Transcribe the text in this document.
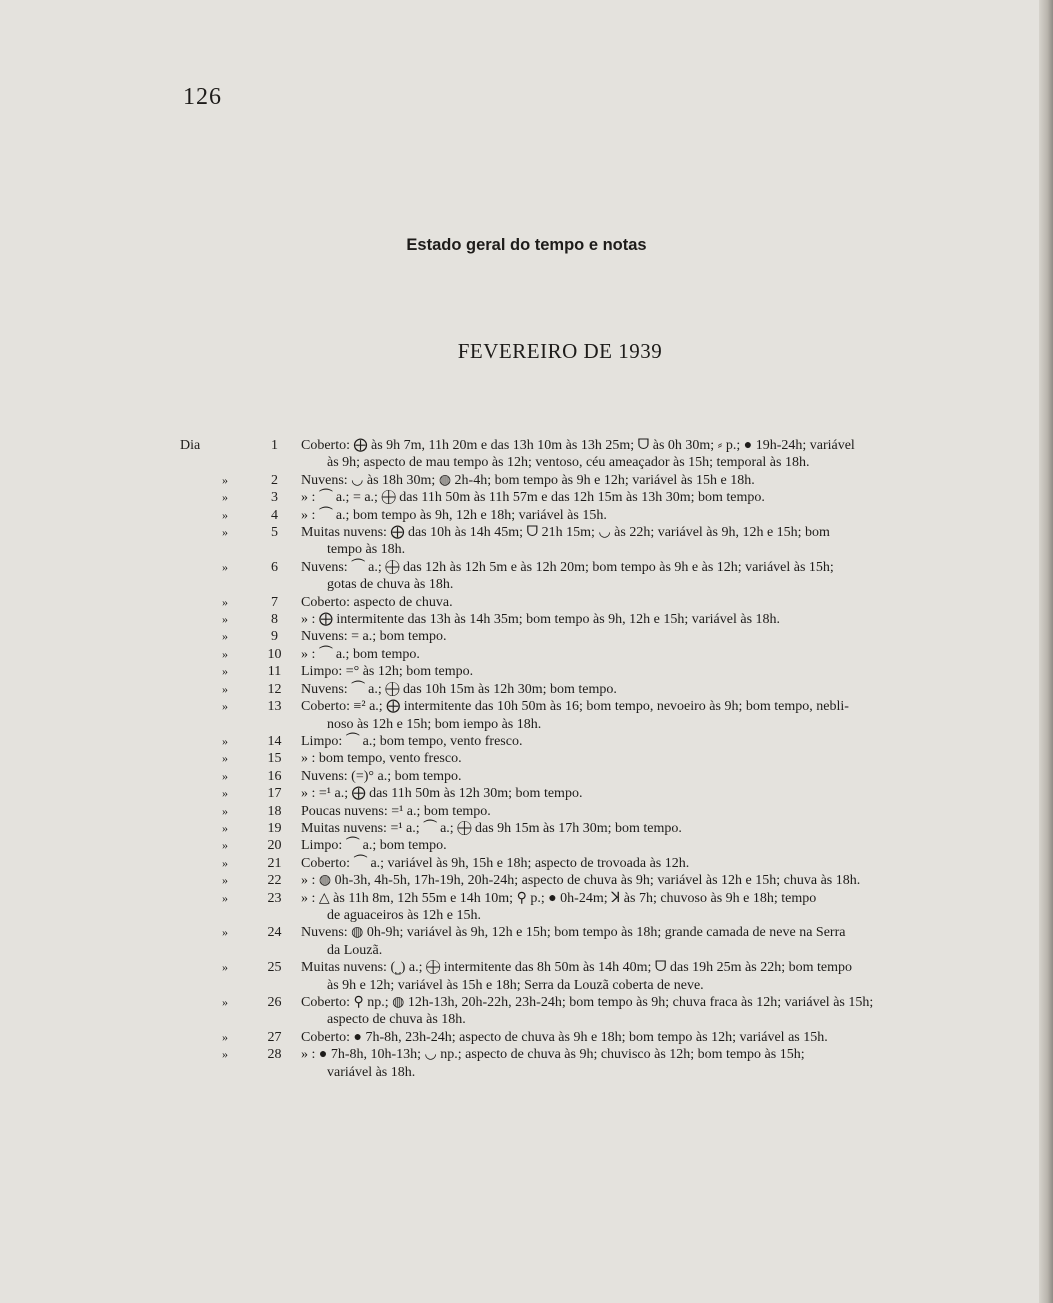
126
Estado geral do tempo e notas
FEVEREIRO DE 1939
Dia	1	Coberto: ⨁ às 9h 7m, 11h 20m e das 13h 10m às 13h 25m; ᗜ às 0h 30m; ⸗ p.; ● 19h-24h; variável
às 9h; aspecto de mau tempo às 12h; ventoso, céu ameaçador às 15h; temporal às 18h.
»	2	Nuvens: ◡ às 18h 30m; ◍ 2h-4h; bom tempo às 9h e 12h; variável às 15h e 18h.
»	3	» : ⏜ a.; = a.; ⨁ das 11h 50m às 11h 57m e das 12h 15m às 13h 30m; bom tempo.
»	4	» : ⏜ a.; bom tempo às 9h, 12h e 18h; variável às 15h.
»	5	Muitas nuvens: ⨁ das 10h às 14h 45m; ᗜ 21h 15m; ◡ às 22h; variável às 9h, 12h e 15h; bom
tempo às 18h.
»	6	Nuvens: ⏜ a.; ⨁ das 12h às 12h 5m e às 12h 20m; bom tempo às 9h e às 12h; variável às 15h;
gotas de chuva às 18h.
»	7	Coberto: aspecto de chuva.
»	8	» : ⨁ intermitente das 13h às 14h 35m; bom tempo às 9h, 12h e 15h; variável às 18h.
»	9	Nuvens: = a.; bom tempo.
»	10	» : ⏜ a.; bom tempo.
»	11	Limpo: =° às 12h; bom tempo.
»	12	Nuvens: ⏜ a.; ⨁ das 10h 15m às 12h 30m; bom tempo.
»	13	Coberto: ≡² a.; ⨁ intermitente das 10h 50m às 16; bom tempo, nevoeiro às 9h; bom tempo, nebli-
noso às 12h e 15h; bom iempo às 18h.
»	14	Limpo: ⏜ a.; bom tempo, vento fresco.
»	15	» : bom tempo, vento fresco.
»	16	Nuvens: (=)° a.; bom tempo.
»	17	» : =¹ a.; ⨁ das 11h 50m às 12h 30m; bom tempo.
»	18	Poucas nuvens: =¹ a.; bom tempo.
»	19	Muitas nuvens: =¹ a.; ⏜ a.; ⨁ das 9h 15m às 17h 30m; bom tempo.
»	20	Limpo: ⏜ a.; bom tempo.
»	21	Coberto: ⏜ a.; variável às 9h, 15h e 18h; aspecto de trovoada às 12h.
»	22	» : ◍ 0h-3h, 4h-5h, 17h-19h, 20h-24h; aspecto de chuva às 9h; variável às 12h e 15h; chuva às 18h.
»	23	» : △ às 11h 8m, 12h 55m e 14h 10m; ⚲ p.; ● 0h-24m; ꓘ às 7h; chuvoso às 9h e 18h; tempo
de aguaceiros às 12h e 15h.
»	24	Nuvens: ◍ 0h-9h; variável às 9h, 12h e 15h; bom tempo às 18h; grande camada de neve na Serra
da Louzã.
»	25	Muitas nuvens: (⎵) a.; ⨁ intermitente das 8h 50m às 14h 40m; ᗜ das 19h 25m às 22h; bom tempo
às 9h e 12h; variável às 15h e 18h; Serra da Louzã coberta de neve.
»	26	Coberto: ⚲ np.; ◍ 12h-13h, 20h-22h, 23h-24h; bom tempo às 9h; chuva fraca às 12h; variável às 15h;
aspecto de chuva às 18h.
»	27	Coberto: ● 7h-8h, 23h-24h; aspecto de chuva às 9h e 18h; bom tempo às 12h; variável as 15h.
»	28	» : ● 7h-8h, 10h-13h; ◡ np.; aspecto de chuva às 9h; chuvisco às 12h; bom tempo às 15h;
variável às 18h.
